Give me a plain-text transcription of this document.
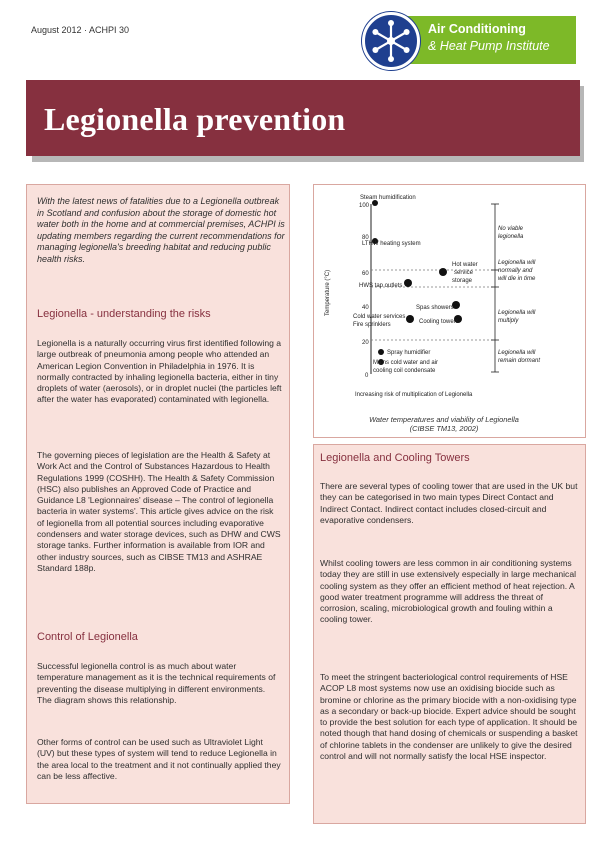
August 2012 · ACHPI 30	Air Conditioning
& Heat Pump Institute
Legionella prevention
With the latest news of fatalities due to a Legionella outbreak in Scotland and confusion about the storage of domestic hot water both in the home and at commercial premises, ACHPI is updating members regarding the current recommendations for managing legionella's breeding habitat and reducing public health risks.
Legionella - understanding the risks
Legionella is a naturally occurring virus first identified following a large outbreak of pneumonia among people who attended an American Legion Convention in Philadelphia in 1976. It is normally contracted by inhaling legionella bacteria, either in tiny droplets of water (aerosols), or in droplet nuclei (the particles left after the water has evaporated) contaminated with legionella.
The governing pieces of legislation are the Health & Safety at Work Act and the Control of Substances Hazardous to Health Regulations 1999 (COSHH). The Health & Safety Commission (HSC) also publishes an Approved Code of Practice and Guidance L8 'Legionnaires' disease – The control of legionella bacteria in water systems'. This article gives advice on the risk of legionella from all potential sources including evaporative condensers and water storage devices, such as DHW and CWS storage tanks. Further information is available from IOR and other industry sources, such as CIBSE TM13 and ASHRAE Standard 188p.
Control of Legionella
Successful legionella control is as much about water temperature management as it is the technical requirements of preventing the disease multiplying in different environments. The diagram shows this relationship.
Other forms of control can be used such as Ultraviolet Light (UV) but these types of system will tend to reduce Legionella in the area local to the treatment and it not continually applied they can be less affective.
Legionella and Cooling Towers
There are several types of cooling tower that are used in the UK but they can be categorised in two main types Direct Contact and Indirect Contact. Indirect contact includes closed-circuit and evaporative condensers.
Whilst cooling towers are less common in air conditioning systems today they are still in use extensively especially in large mechanical cooling system as they offer an efficient method of heat rejection. A good water treatment programme will address the threat of corrosion, scaling, microbiological growth and fouling within a cooling tower.
To meet the stringent bacteriological control requirements of HSE ACOP L8 most systems now use an oxidising biocide such as bromine or chlorine as the primary biocide with a non-oxidising type as a secondary or back-up biocide. Expert advice should be sought to provide the best solution for each type of application. It should be noted though that hand dosing of chemicals or suspending a basket of chlorine tablets in the condenser are unlikely to give the desired control and will not normally satisfy the local HSE inspector.
Temperature (°C)
100
80
60
40
20
0
Steam humidification
LTHW heating system
Hot water
service
storage
HWS tap outlets
Spas showers
Cold water services
Fire sprinklers	Cooling towers
Spray humidifier
Mains cold water and air
cooling coil condensate
No viable
legionella
Legionella will
normally and
will die in time
Legionella will
multiply
Legionella will
remain dormant
Increasing risk of multiplication of Legionella
Water temperatures and viability of Legionella
(CIBSE TM13, 2002)
